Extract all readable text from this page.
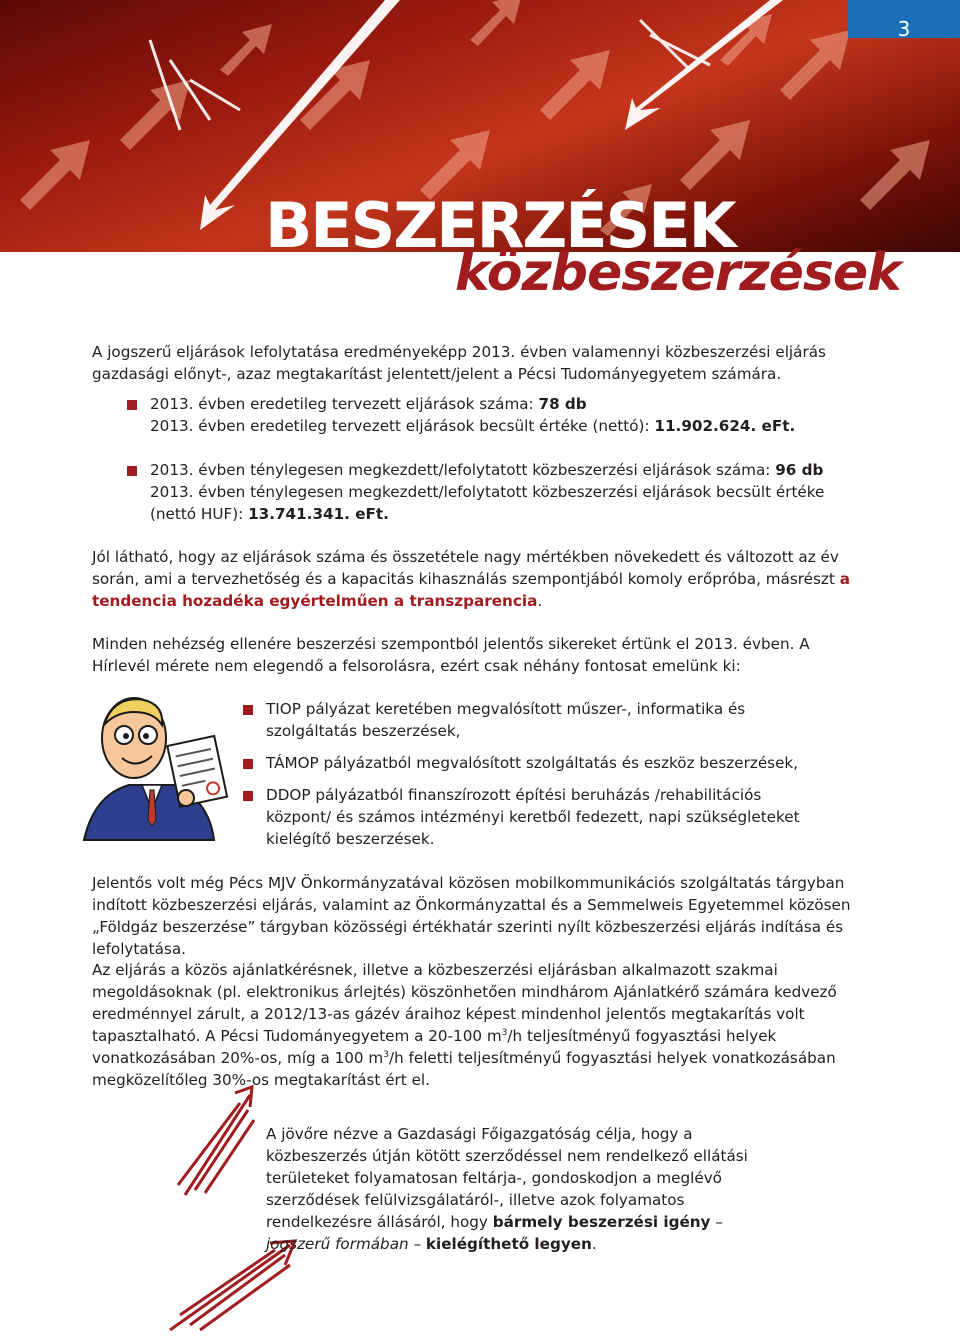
3
BESZERZÉSEK
közbeszerzések
A jogszerű eljárások lefolytatása eredményeképp 2013. évben valamennyi közbeszerzési eljárás gazdasági előnyt-, azaz megtakarítást jelentett/jelent a Pécsi Tudományegyetem számára.
2013. évben eredetileg tervezett eljárások száma: 78 db
2013. évben eredetileg tervezett eljárások becsült értéke (nettó): 11.902.624. eFt.
2013. évben ténylegesen megkezdett/lefolytatott közbeszerzési eljárások száma: 96 db
2013. évben ténylegesen megkezdett/lefolytatott közbeszerzési eljárások becsült értéke
(nettó HUF): 13.741.341. eFt.
Jól látható, hogy az eljárások száma és összetétele nagy mértékben növekedett és változott az év során, ami a tervezhetőség és a kapacitás kihasználás szempontjából komoly erőpróba, másrészt a tendencia hozadéka egyértelműen a transzparencia.
Minden nehézség ellenére beszerzési szempontból jelentős sikereket értünk el 2013. évben. A Hírlevél mérete nem elegendő a felsorolásra, ezért csak néhány fontosat emelünk ki:
TIOP pályázat keretében megvalósított műszer-, informatika és szolgáltatás beszerzések,
TÁMOP pályázatból megvalósított szolgáltatás és eszköz beszerzések,
DDOP pályázatból finanszírozott építési beruházás /rehabilitációs központ/ és számos intézményi keretből fedezett, napi szükségleteket kielégítő beszerzések.
Jelentős volt még Pécs MJV Önkormányzatával közösen mobilkommunikációs szolgáltatás tárgyban indított közbeszerzési eljárás, valamint az Önkormányzattal és a Semmelweis Egyetemmel közösen „Földgáz beszerzése” tárgyban közösségi értékhatár szerinti nyílt közbeszerzési eljárás indítása és lefolytatása.
Az eljárás a közös ajánlatkérésnek, illetve a közbeszerzési eljárásban alkalmazott szakmai megoldásoknak (pl. elektronikus árlejtés) köszönhetően mindhárom Ajánlatkérő számára kedvező eredménnyel zárult, a 2012/13-as gázév áraihoz képest mindenhol jelentős megtakarítás volt tapasztalható. A Pécsi Tudományegyetem a 20-100 $m^3/h$ teljesítményű fogyasztási helyek vonatkozásában 20%-os, míg a 100 $m^3/h$ feletti teljesítményű fogyasztási helyek vonatkozásában megközelítőleg 30%-os megtakarítást ért el.
A jövőre nézve a Gazdasági Főigazgatóság célja, hogy a közbeszerzés útján kötött szerződéssel nem rendelkező ellátási területeket folyamatosan feltárja-, gondoskodjon a meglévő szerződések felülvizsgálatáról-, illetve azok folyamatos rendelkezésre állásáról, hogy bármely beszerzési igény – jogszerű formában – kielégíthető legyen.
